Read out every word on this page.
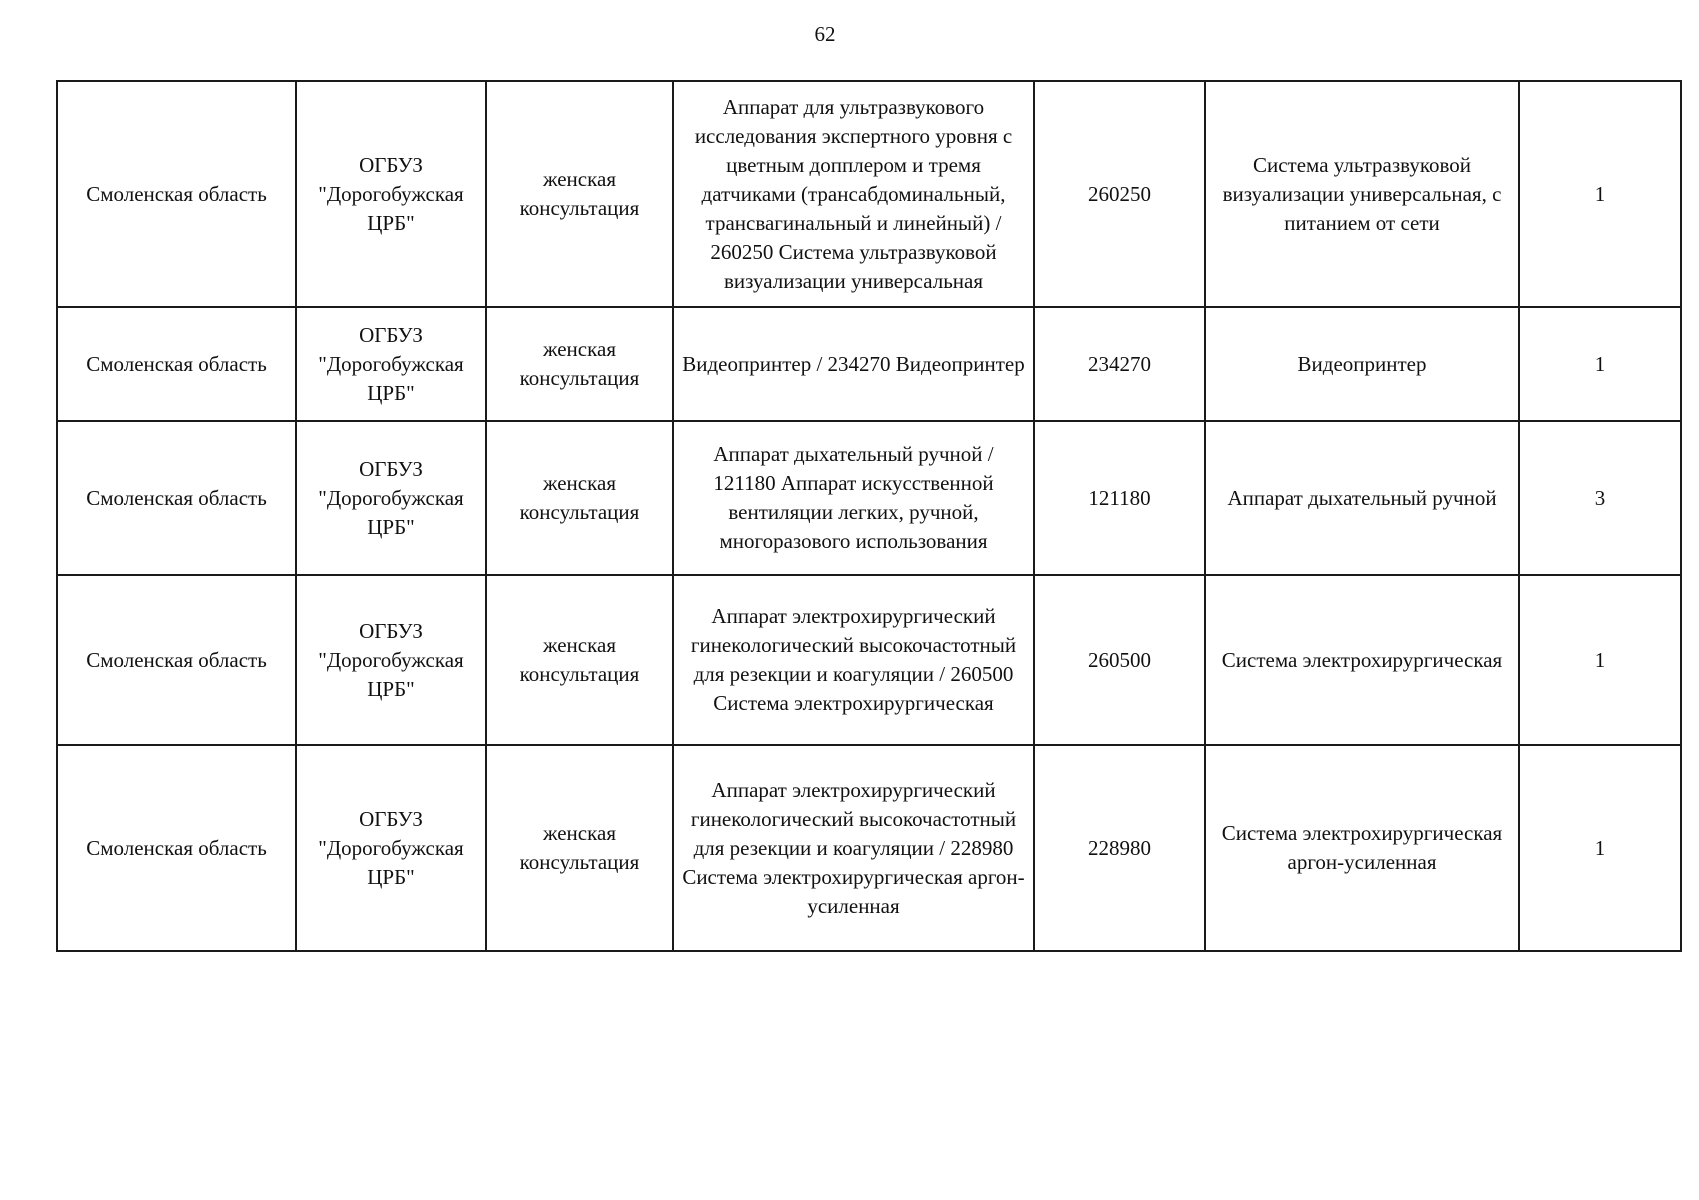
62
Смоленская область	ОГБУЗ "Дорогобужская ЦРБ"	женская консультация	Аппарат для ультразвукового исследования экспертного уровня с цветным допплером и тремя датчиками (трансабдоминальный, трансвагинальный и линейный) / 260250 Система ультразвуковой визуализации универсальная	260250	Система ультразвуковой визуализации универсальная, с питанием от сети	1
Смоленская область	ОГБУЗ "Дорогобужская ЦРБ"	женская консультация	Видеопринтер / 234270 Видеопринтер	234270	Видеопринтер	1
Смоленская область	ОГБУЗ "Дорогобужская ЦРБ"	женская консультация	Аппарат дыхательный ручной / 121180 Аппарат искусственной вентиляции легких, ручной, многоразового использования	121180	Аппарат дыхательный ручной	3
Смоленская область	ОГБУЗ "Дорогобужская ЦРБ"	женская консультация	Аппарат электрохирургический гинекологический высокочастотный для резекции и коагуляции / 260500 Система электрохирургическая	260500	Система электрохирургическая	1
Смоленская область	ОГБУЗ "Дорогобужская ЦРБ"	женская консультация	Аппарат электрохирургический гинекологический высокочастотный для резекции и коагуляции / 228980 Система электрохирургическая аргон-усиленная	228980	Система электрохирургическая аргон-усиленная	1
